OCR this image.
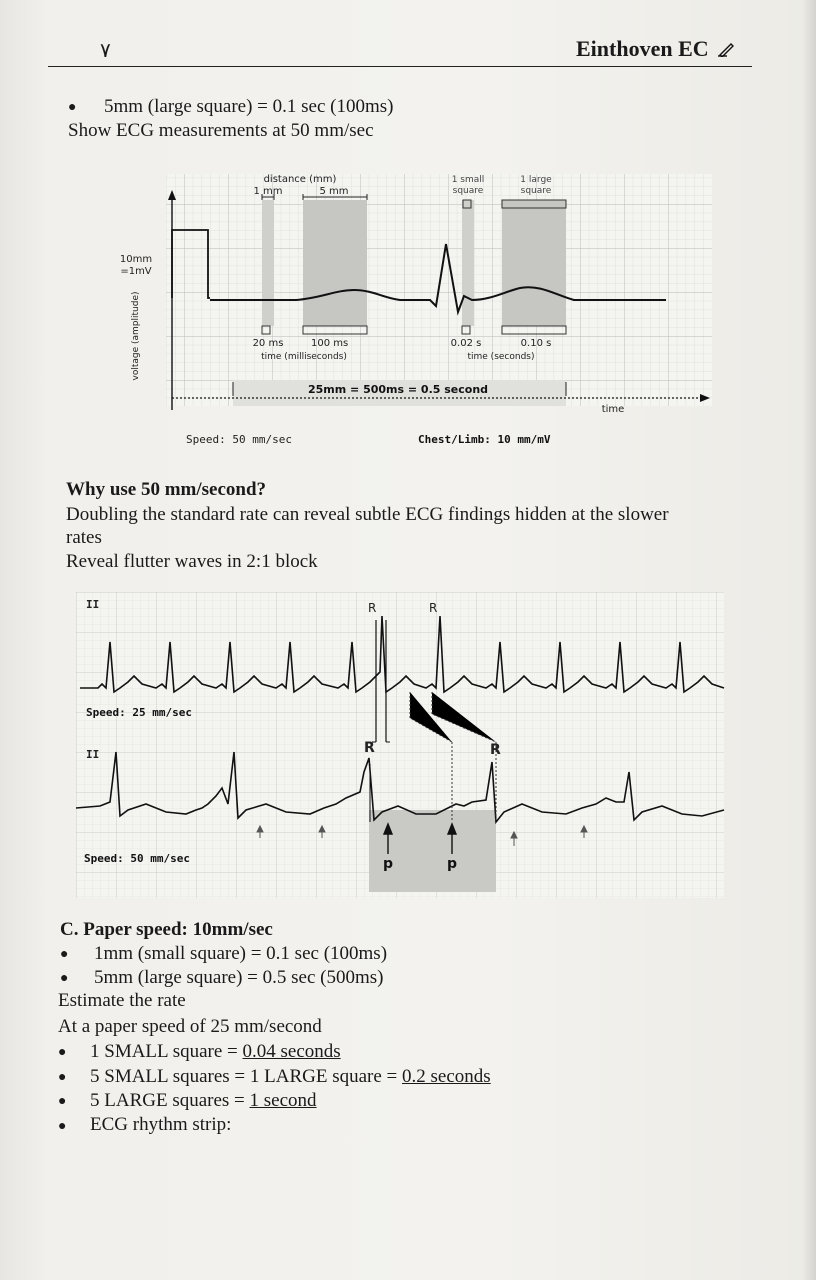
٧	Einthoven EC
● 5mm (large square) = 0.1 sec (100ms)
Show ECG measurements at 50 mm/sec
distance (mm)
1 mm	5 mm
1 small
square
1 large
square
voltage (amplitude)
10mm
=1mV
20 ms	100 ms
time (milliseconds)
0.02 s	0.10 s
time (seconds)
25mm = 500ms = 0.5 second
time
Speed: 50 mm/sec	Chest/Limb: 10 mm/mV
Why use 50 mm/second?
Doubling the standard rate can reveal subtle ECG findings hidden at the slower
rates
Reveal flutter waves in 2:1 block
II	R	R
Speed: 25 mm/sec
II	R	R
p	p
Speed: 50 mm/sec
C. Paper speed: 10mm/sec
● 1mm (small square) = 0.1 sec (100ms)
● 5mm (large square) = 0.5 sec (500ms)
Estimate the rate
At a paper speed of 25 mm/second
● 1 SMALL square = 0.04 seconds
● 5 SMALL squares = 1 LARGE square = 0.2 seconds
● 5 LARGE squares = 1 second
● ECG rhythm strip:
